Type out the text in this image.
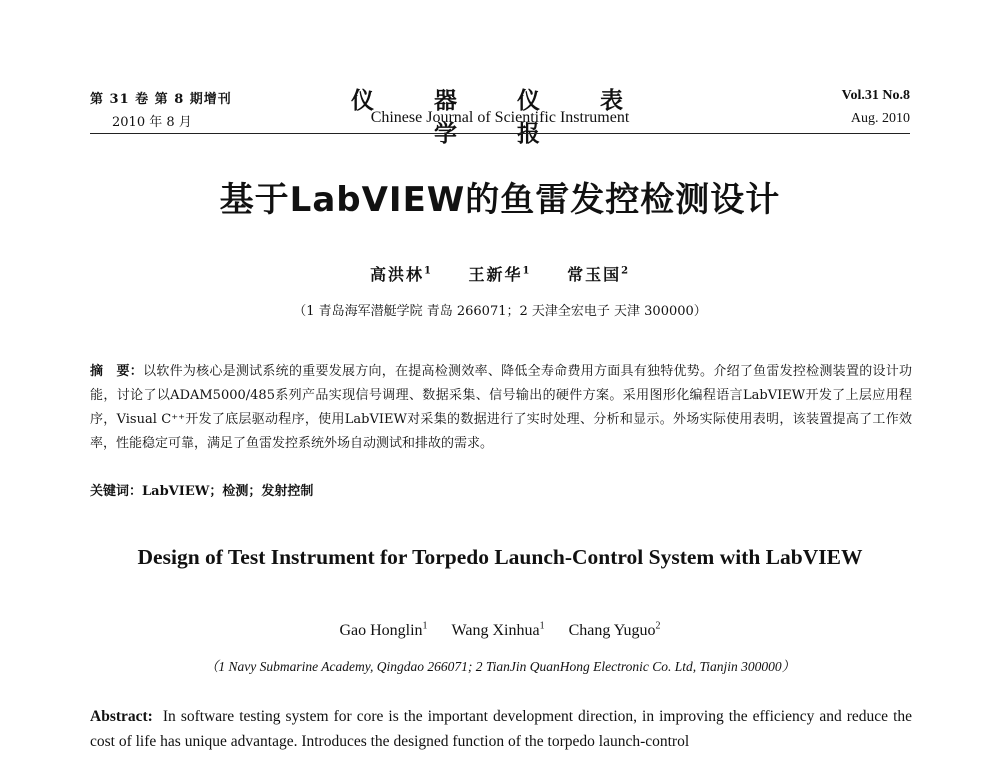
第 31 卷 第 8 期增刊
2010 年 8 月
仪 器 仪 表 学 报
Chinese Journal of Scientific Instrument
Vol.31 No.8
Aug. 2010
基于LabVIEW的鱼雷发控检测设计
高洪林$^1$ 王新华$^1$ 常玉国$^2$
（1 青岛海军潜艇学院 青岛 266071；2 天津全宏电子 天津 300000）
摘　要：以软件为核心是测试系统的重要发展方向，在提高检测效率、降低全寿命费用方面具有独特优势。介绍了鱼雷发控检测装置的设计功能，讨论了以ADAM5000/485系列产品实现信号调理、数据采集、信号输出的硬件方案。采用图形化编程语言LabVIEW开发了上层应用程序，Visual C⁺⁺开发了底层驱动程序，使用LabVIEW对采集的数据进行了实时处理、分析和显示。外场实际使用表明，该装置提高了工作效率，性能稳定可靠，满足了鱼雷发控系统外场自动测试和排故的需求。
关键词：LabVIEW；检测；发射控制
Design of Test Instrument for Torpedo Launch-Control System with LabVIEW
Gao Honglin$^1$ Wang Xinhua$^1$ Chang Yuguo$^2$
（1 Navy Submarine Academy, Qingdao 266071; 2 TianJin QuanHong Electronic Co. Ltd, Tianjin 300000）
Abstract: In software testing system for core is the important development direction, in improving the efficiency and reduce the cost of life has unique advantage. Introduces the designed function of the torpedo launch-control
